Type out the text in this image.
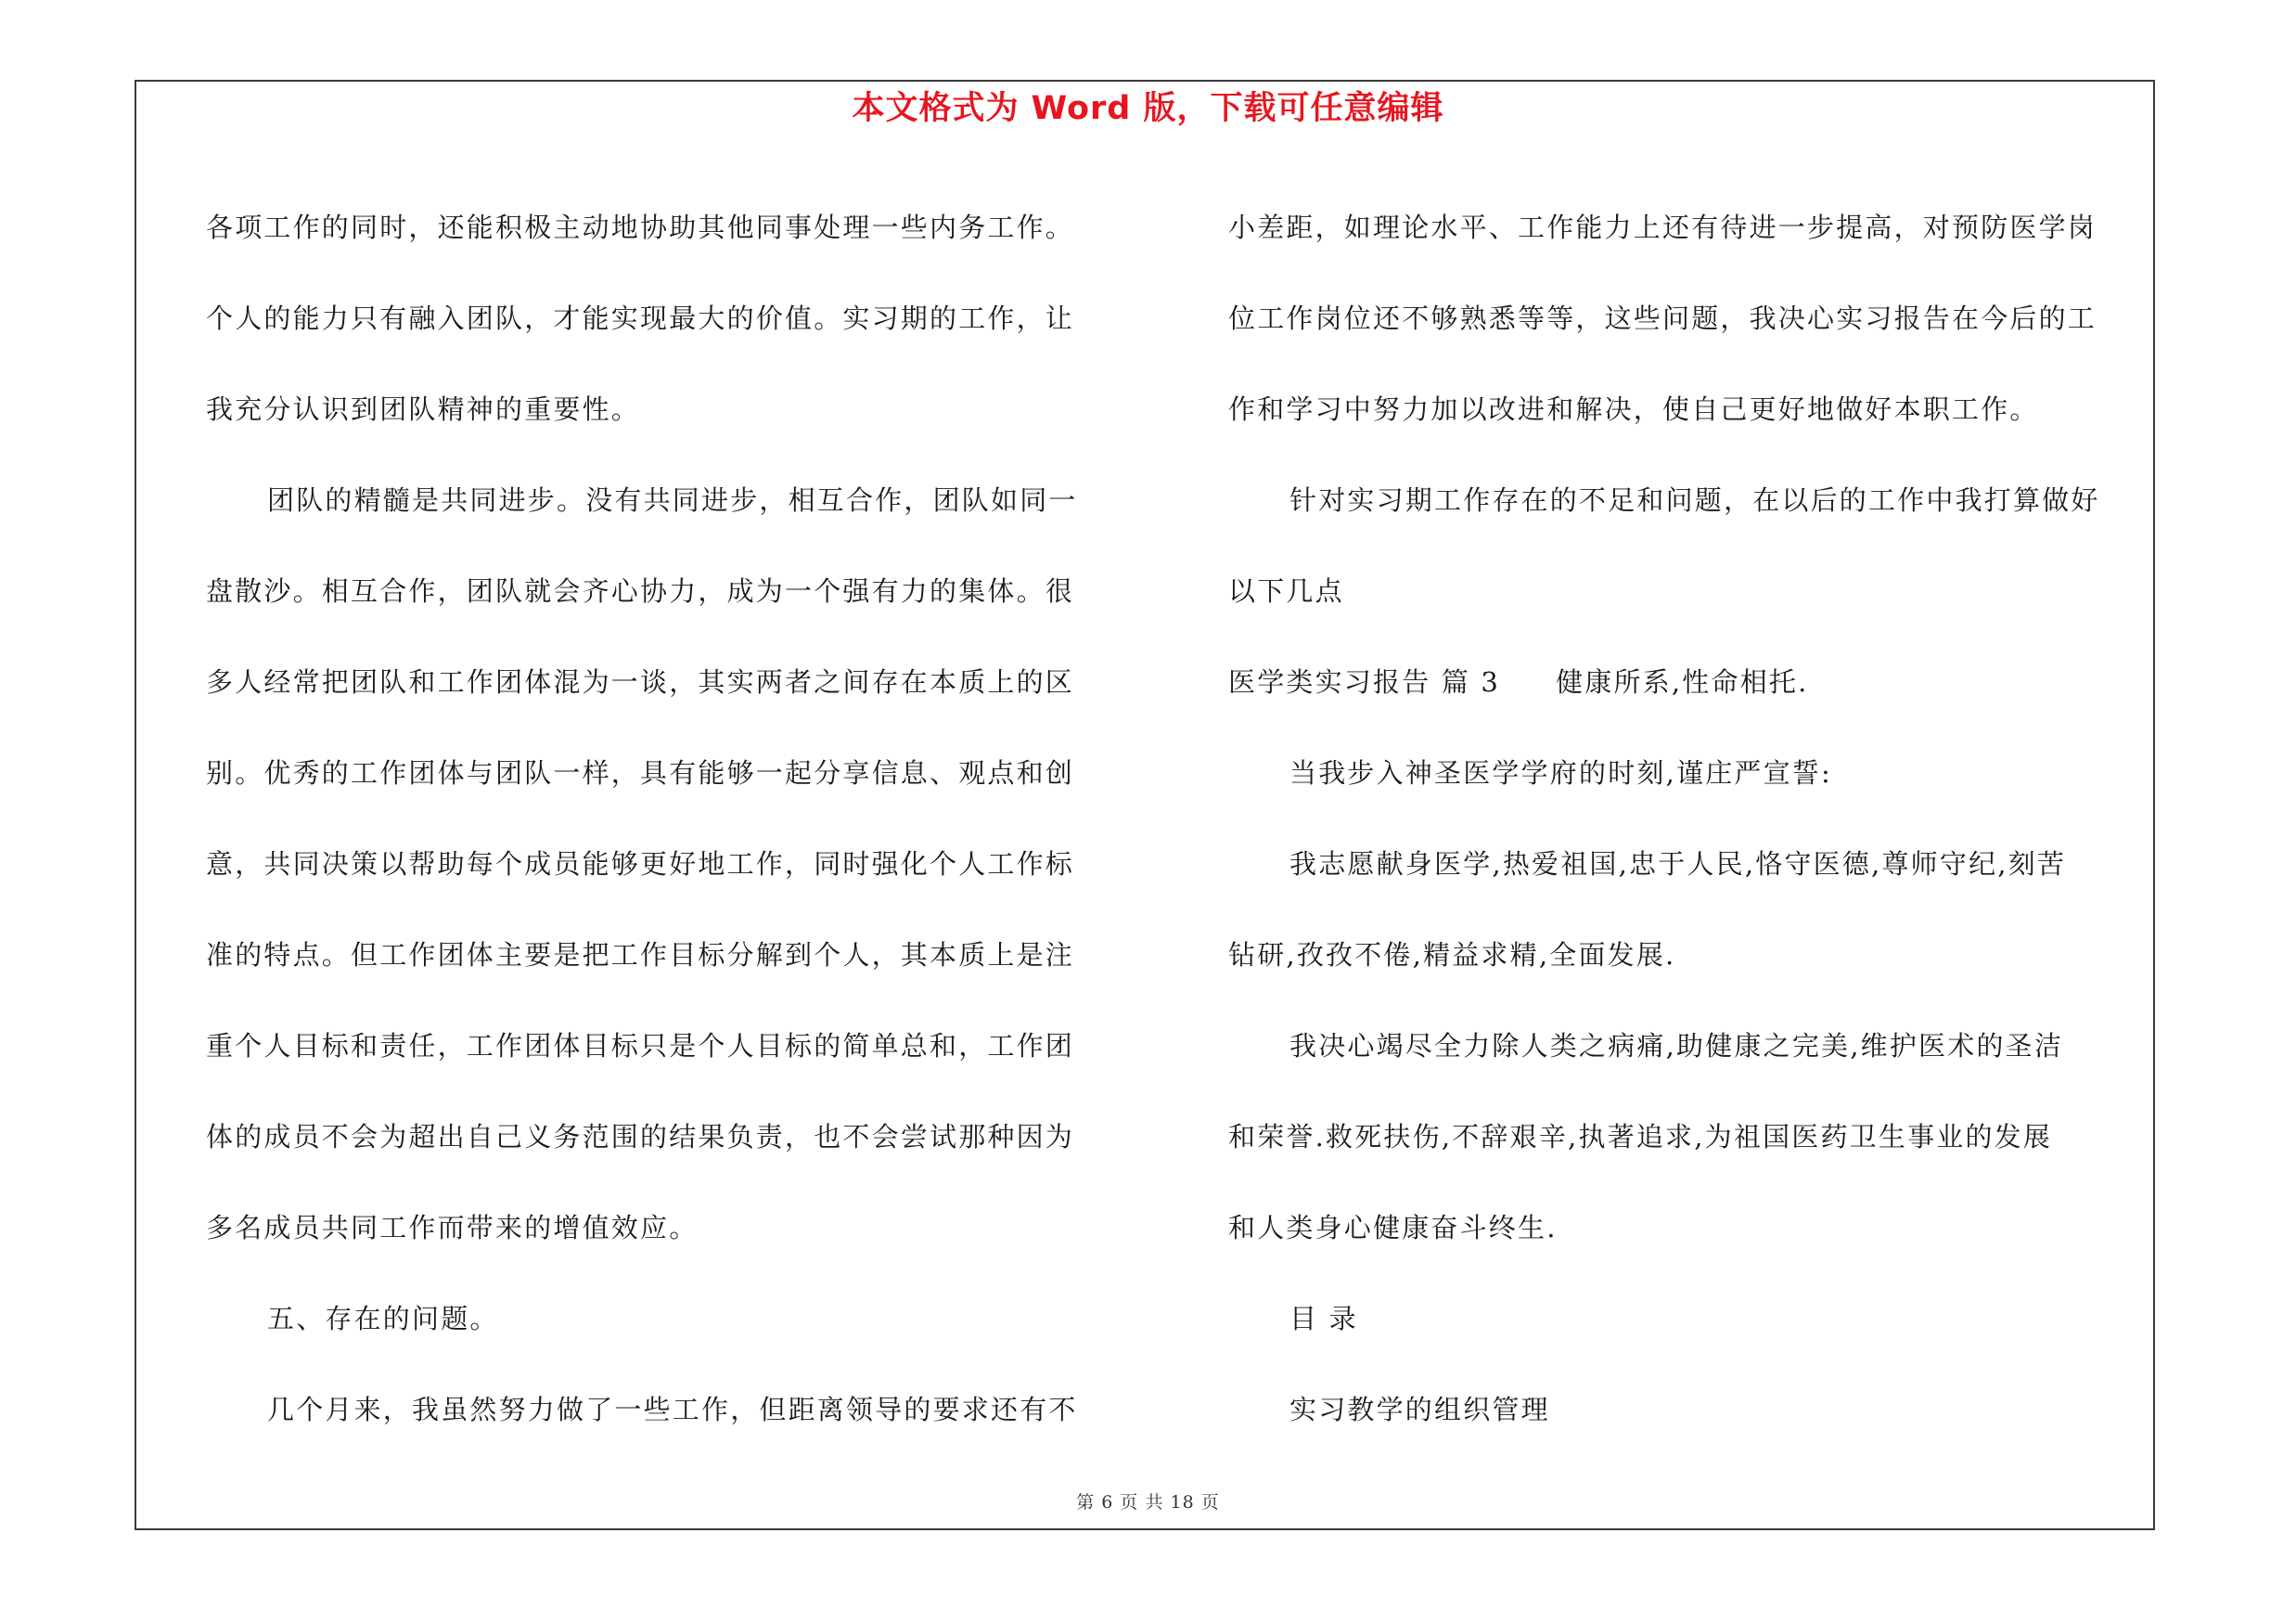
本文格式为 Word 版，下载可任意编辑
各项工作的同时，还能积极主动地协助其他同事处理一些内务工作。
个人的能力只有融入团队，才能实现最大的价值。实习期的工作，让
我充分认识到团队精神的重要性。
团队的精髓是共同进步。没有共同进步，相互合作，团队如同一
盘散沙。相互合作，团队就会齐心协力，成为一个强有力的集体。很
多人经常把团队和工作团体混为一谈，其实两者之间存在本质上的区
别。优秀的工作团体与团队一样，具有能够一起分享信息、观点和创
意，共同决策以帮助每个成员能够更好地工作，同时强化个人工作标
准的特点。但工作团体主要是把工作目标分解到个人，其本质上是注
重个人目标和责任，工作团体目标只是个人目标的简单总和，工作团
体的成员不会为超出自己义务范围的结果负责，也不会尝试那种因为
多名成员共同工作而带来的增值效应。
五、存在的问题。
几个月来，我虽然努力做了一些工作，但距离领导的要求还有不
小差距，如理论水平、工作能力上还有待进一步提高，对预防医学岗
位工作岗位还不够熟悉等等，这些问题，我决心实习报告在今后的工
作和学习中努力加以改进和解决，使自己更好地做好本职工作。
针对实习期工作存在的不足和问题，在以后的工作中我打算做好
以下几点
医学类实习报告 篇 3 健康所系,性命相托.
当我步入神圣医学学府的时刻,谨庄严宣誓:
我志愿献身医学,热爱祖国,忠于人民,恪守医德,尊师守纪,刻苦
钻研,孜孜不倦,精益求精,全面发展.
我决心竭尽全力除人类之病痛,助健康之完美,维护医术的圣洁
和荣誉.救死扶伤,不辞艰辛,执著追求,为祖国医药卫生事业的发展
和人类身心健康奋斗终生.
目 录
实习教学的组织管理
第 6 页 共 18 页
